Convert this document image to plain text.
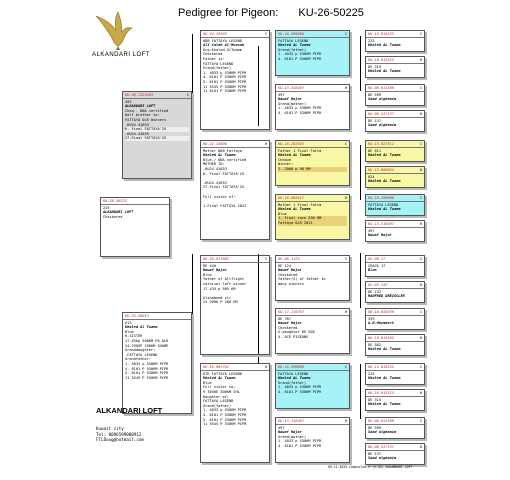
Pedigree for Pigeon: KU-26-50225
ALKANDARI LOFT
KU-26-50225
225
ALKANDARI LOFT
Checkered
KU-26-1323493	C
493
ALKANDARI LOFT
Cheq.- DNA certified
Half brother to:
FATTAYA OLR Winners
-KU24-41653
6. Final FATTAYA'25
-KU24-41659
27.Final FATTAYA'25
KU-25-50013
013
Khaled Al Twaem
Blue
H-SISTER
17.45kp 500KM PA OLR
24.2905P 290KM SHAME
Granddaughter:
-FATTAYA LEGEND
Grandfather:
1. 4033 p 530KM PIPR
4. 6101 P 530KM PIPR
5. 6101 P 530KM PIPR
11 5545 P 530KM PIPR
KU-24-19303	C
HDB FATTAYA LEGEND
Ali Saleh Al-Mousab
Org.Khaled AlTwaem
Checkered
Father is:
FATTAYA LEGEND
Grand(father)
1. 4033 p 530KM PIPR
4. 6101 P 530KM PIPR
5. 6101 P 530KM PIPR
11 5545 P 530KM PIPR
11 6101 P 530KM PIPR
KU-22-15606	H
Mother #06 Fattaya
Khaled AL Twaem
Blue./ DNA certified
MOTHER TO:
-KU24-41653
6. Final FATTAYA'25

-KU24-41653
27.Final FATTAYA'25

Full sister of:

1.Final FATTAYA 2022
KU-19-917662	C
DE 440
Nawaf Hajar
Blue
father of Allflight
carnival loft winner
17 434 p 505 KM

Alshabeed clr
24 2090 P 200 KM
KU-19-962762	H
DTR FATTAYA LEGEND
Khaled AL Twaem
Blue
Full sister to:
9 3050E 300KM SHL
Daughter of:
FATTAYA LEGEND
Grand(father)
1. 4033 p 530KM PIPR
4. 6101 P 530KM PIPR
5. 6101 P 530KM PIPR
11 5545 P 530KM PIPR
KU-18-209966	C
FATTAYA LEGEND
Khaled AL Twaem
Grand(father)
1. 4033 p 530KM PIPR
4. 6101 P 530KM PIPR
KU-13-318497	H
497
Nawaf Hajar
Grand(mother)
1. 4033 p 530KM PIPR
4. 6101 P 530KM PIPR
KU-18-202925	C
Father 1 Final Fatta
Khaled AL Twaem
Cheque
Winner:
2. 2000 p 90 KM
KU-19-962817	H
Mother 1 Final Fatta
Khaled AL Twaem
Blue
1. Final race 530 KM
Fattaya OLR 2011
UV-09-1124	C
DE 124
Nawaf Hajar
Checkered
father(S) of father to
many winners
KU-17-110787	H
DE 787
Nawaf Hajar
Checkered
G.daughter DE 505
4. ACE PIGEONS
KU-18-209966	C
FATTAYA LEGEND
Khaled AL Twaem
Grand(father)
1. 4033 p 530KM PIPR
4. 6101 P 530KM PIPR
KU-13-318497	H
497
Nawaf Hajar
Grand(mother)
1. 4033 p 530KM PIPR
4. 6101 P 530KM PIPR
KU-15-819225	C
225
Khaled AL Twaem
KU-16-013315	H
DE 315
Khaled AL Twaem
KU-08-011599	C
DE 599
Saad alghanim
KU-08-537137	H
DE 137
Saad alghanim
KU-13-627611	C
DE 611
Khaled AL Twaem
KU-13-666024	H
024
Khaled AL Twaem
KU-18-209966	C
FATTAYA LEGEND
Khaled AL Twaem
KU-13-318497	H
497
Nawaf Hajar
UV-96-17	C
CRACK 17
Blue
UV-03-132	H
DE 132
MANFRED DREIGSLER
GB-10-850339	C
339
A.H.Heymaert
KU-16-013582	H
DE 582
Khaled AL Twaem
KU-15-819225	C
225
Khaled AL Twaem
KU-16-013315	H
DE 315
Khaled AL Twaem
KU-08-011599	C
DE 599
Saad alghanim
KU-08-537137	H
DE 137
Saad alghanim
ALKANDARI LOFT
Kuwait city
Tel: 0096599000912
FTLDoug@hotmail.com
09-11-2025 Compuclub ® (V.41) ALKANDARI LOFT
